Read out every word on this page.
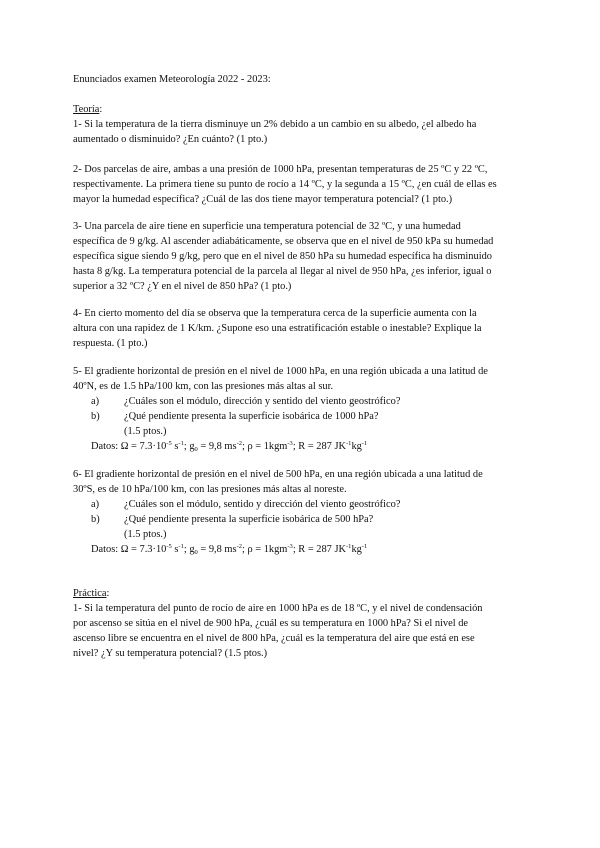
Enunciados examen Meteorología 2022 - 2023:
Teoría:
1- Si la temperatura de la tierra disminuye un 2% debido a un cambio en su albedo, ¿el albedo ha
aumentado o disminuido? ¿En cuánto? (1 pto.)
2- Dos parcelas de aire, ambas a una presión de 1000 hPa, presentan temperaturas de 25 ºC y 22 ºC,
respectivamente. La primera tiene su punto de rocío a 14 ºC, y la segunda a 15 ºC, ¿en cuál de ellas es
mayor la humedad específica? ¿Cuál de las dos tiene mayor temperatura potencial? (1 pto.)
3- Una parcela de aire tiene en superficie una temperatura potencial de 32 ºC, y una humedad
específica de 9 g/kg. Al ascender adiabáticamente, se observa que en el nivel de 950 kPa su humedad
específica sigue siendo 9 g/kg, pero que en el nivel de 850 hPa su humedad específica ha disminuido
hasta 8 g/kg. La temperatura potencial de la parcela al llegar al nivel de 950 hPa, ¿es inferior, igual o
superior a 32 ºC? ¿Y en el nivel de 850 hPa? (1 pto.)
4- En cierto momento del día se observa que la temperatura cerca de la superficie aumenta con la
altura con una rapidez de 1 K/km. ¿Supone eso una estratificación estable o inestable? Explique la
respuesta. (1 pto.)
5- El gradiente horizontal de presión en el nivel de 1000 hPa, en una región ubicada a una latitud de
40ºN, es de 1.5 hPa/100 km, con las presiones más altas al sur.
a) ¿Cuáles son el módulo, dirección y sentido del viento geostrófico?
b) ¿Qué pendiente presenta la superficie isobárica de 1000 hPa?
(1.5 ptos.)
Datos: $\Omega = 7.3\cdot 10^{-5}$ $s^{-1}$; $g_0 = 9,8$ $ms^{-2}$; ρ = 1kgm$^{-3}$; R = 287 $JK^{-1}kg^{-1}$
6- El gradiente horizontal de presión en el nivel de 500 hPa, en una región ubicada a una latitud de
30ºS, es de 10 hPa/100 km, con las presiones más altas al noreste.
a) ¿Cuáles son el módulo, sentido y dirección del viento geostrófico?
b) ¿Qué pendiente presenta la superficie isobárica de 500 hPa?
(1.5 ptos.)
Datos: $\Omega = 7.3\cdot 10^{-5}$ $s^{-1}$; $g_0 = 9,8$ $ms^{-2}$; ρ = 1kgm$^{-3}$; R = 287 $JK^{-1}kg^{-1}$
Práctica:
1- Si la temperatura del punto de rocío de aire en 1000 hPa es de 18 ºC, y el nivel de condensación
por ascenso se sitúa en el nivel de 900 hPa, ¿cuál es su temperatura en 1000 hPa? Si el nivel de
ascenso libre se encuentra en el nivel de 800 hPa, ¿cuál es la temperatura del aire que está en ese
nivel? ¿Y su temperatura potencial? (1.5 ptos.)
